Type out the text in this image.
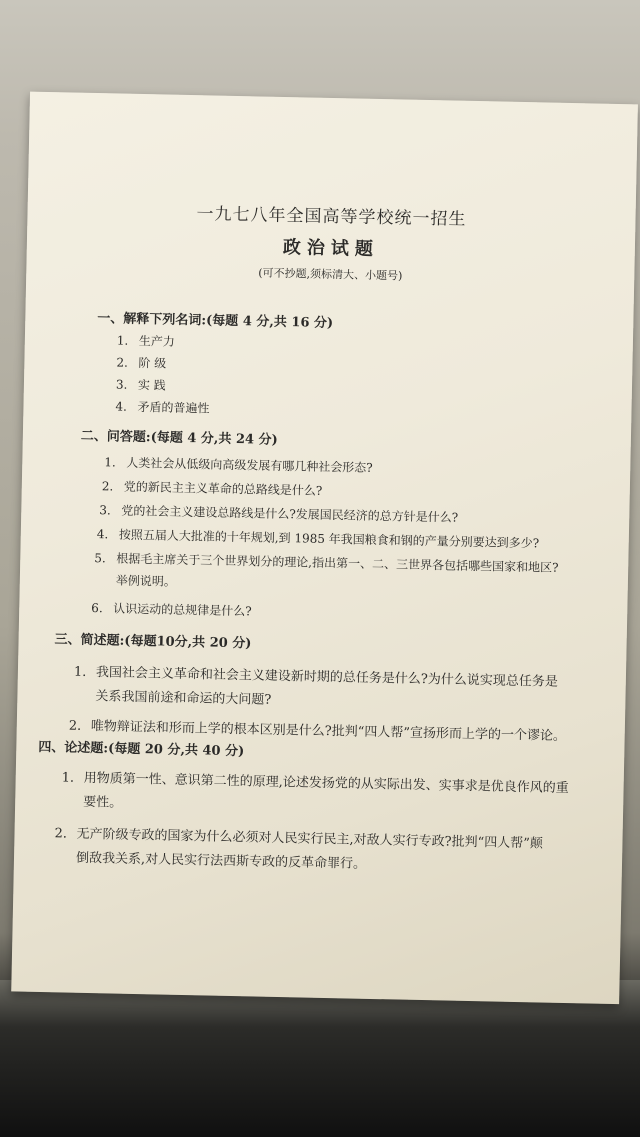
一九七八年全国高等学校统一招生
政治试题
(可不抄题,须标清大、小题号)
一、解释下列名词:(每题 4 分,共 16 分)
1. 生产力
2. 阶 级
3. 实 践
4. 矛盾的普遍性
二、问答题:(每题 4 分,共 24 分)
1. 人类社会从低级向高级发展有哪几种社会形态?
2. 党的新民主主义革命的总路线是什么?
3. 党的社会主义建设总路线是什么?发展国民经济的总方针是什么?
4. 按照五届人大批准的十年规划,到 1985 年我国粮食和钢的产量分别要达到多少?
5. 根据毛主席关于三个世界划分的理论,指出第一、二、三世界各包括哪些国家和地区?
举例说明。
6. 认识运动的总规律是什么?
三、简述题:(每题10分,共 20 分)
1. 我国社会主义革命和社会主义建设新时期的总任务是什么?为什么说实现总任务是
关系我国前途和命运的大问题?
2. 唯物辩证法和形而上学的根本区别是什么?批判“四人帮”宣扬形而上学的一个谬论。
四、论述题:(每题 20 分,共 40 分)
1. 用物质第一性、意识第二性的原理,论述发扬党的从实际出发、实事求是优良作风的重
要性。
2. 无产阶级专政的国家为什么必须对人民实行民主,对敌人实行专政?批判“四人帮”颠
倒敌我关系,对人民实行法西斯专政的反革命罪行。
